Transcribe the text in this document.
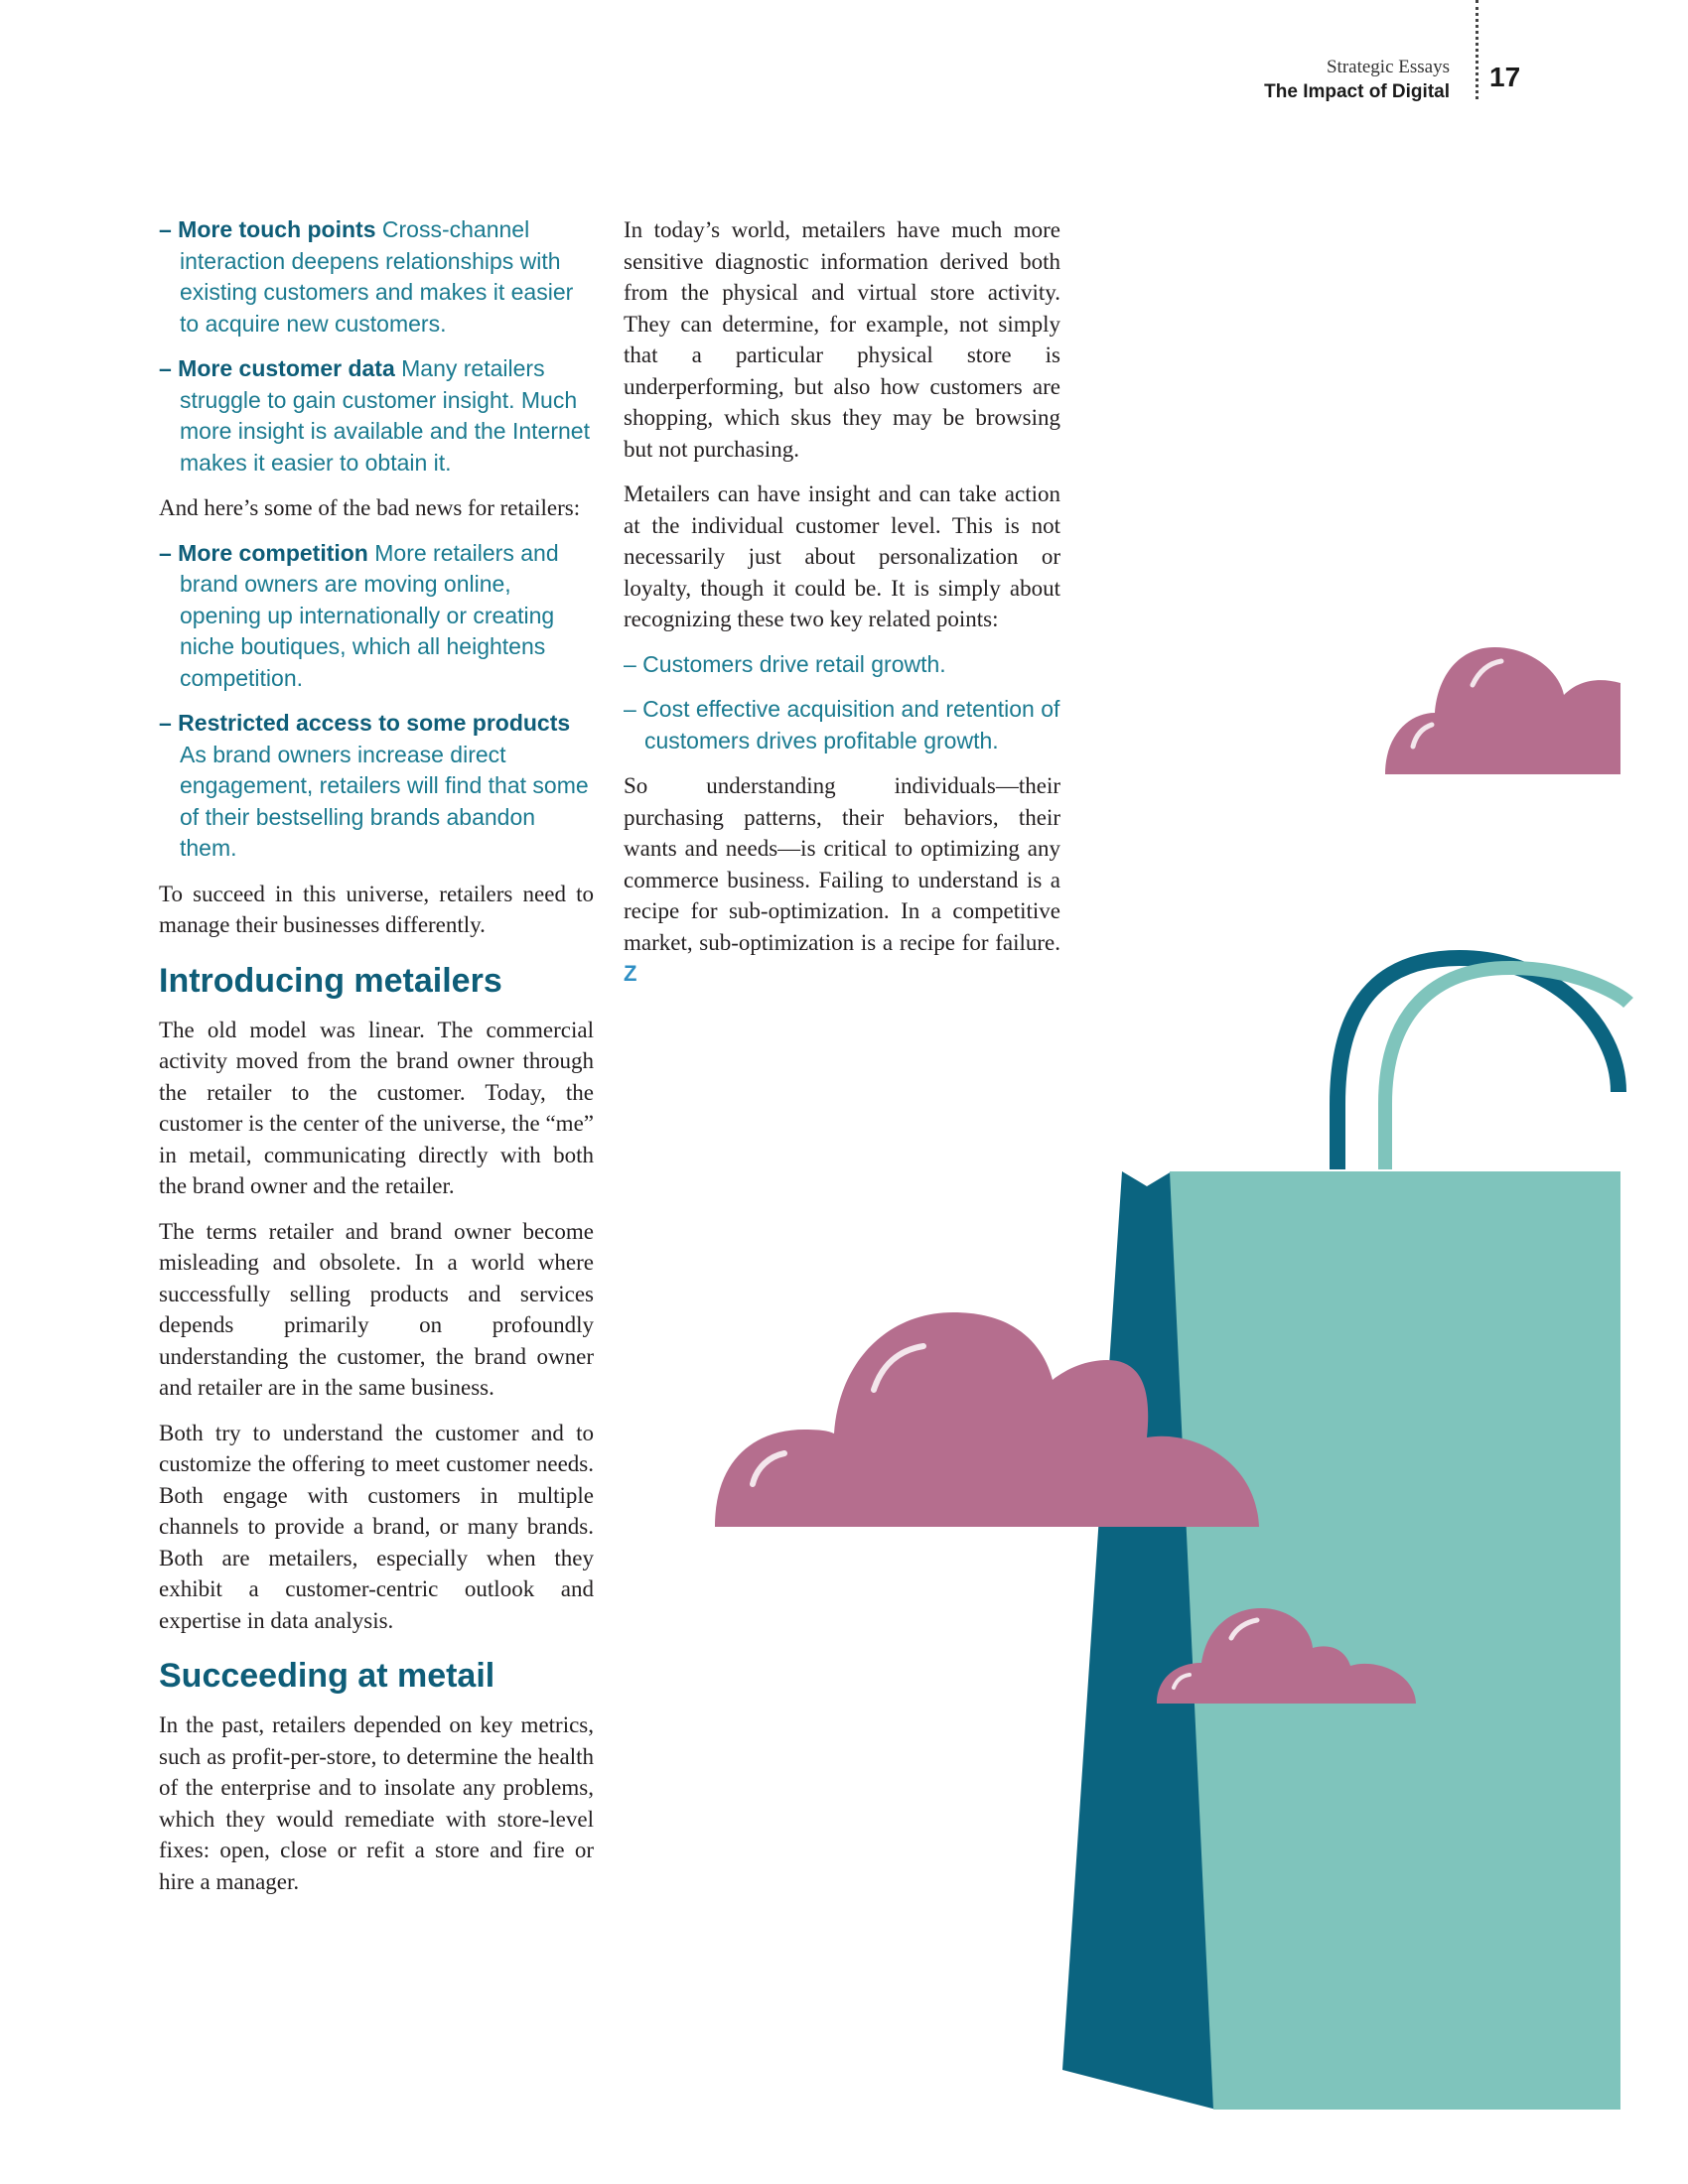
Strategic Essays
The Impact of Digital 17
– More touch points Cross-channel interaction deepens relationships with existing customers and makes it easier to acquire new customers.
– More customer data Many retailers struggle to gain customer insight. Much more insight is available and the Internet makes it easier to obtain it.

And here’s some of the bad news for retailers:

– More competition More retailers and brand owners are moving online, opening up internationally or creating niche boutiques, which all heightens competition.
– Restricted access to some products As brand owners increase direct engagement, retailers will find that some of their bestselling brands abandon them.

To succeed in this universe, retailers need to manage their businesses differently.

Introducing metailers

The old model was linear. The commercial activity moved from the brand owner through the retailer to the customer. Today, the customer is the center of the universe, the “me” in metail, communicating directly with both the brand owner and the retailer.

The terms retailer and brand owner become misleading and obsolete. In a world where successfully selling products and services depends primarily on profoundly understanding the customer, the brand owner and retailer are in the same business.

Both try to understand the customer and to customize the offering to meet customer needs. Both engage with customers in multiple channels to provide a brand, or many brands. Both are metailers, especially when they exhibit a customer-centric outlook and expertise in data analysis.

Succeeding at metail

In the past, retailers depended on key metrics, such as profit-per-store, to determine the health of the enterprise and to insolate any problems, which they would remediate with store-level fixes: open, close or refit a store and fire or hire a manager.

In today’s world, metailers have much more sensitive diagnostic information derived both from the physical and virtual store activity. They can determine, for example, not simply that a particular physical store is underperforming, but also how customers are shopping, which skus they may be browsing but not purchasing.

Metailers can have insight and can take action at the individual customer level. This is not necessarily just about personalization or loyalty, though it could be. It is simply about recognizing these two key related points:

– Customers drive retail growth.
– Cost effective acquisition and retention of customers drives profitable growth.

So understanding individuals—their purchasing patterns, their behaviors, their wants and needs—is critical to optimizing any commerce business. Failing to understand is a recipe for sub-optimization. In a competitive market, sub-optimization is a recipe for failure. Z
